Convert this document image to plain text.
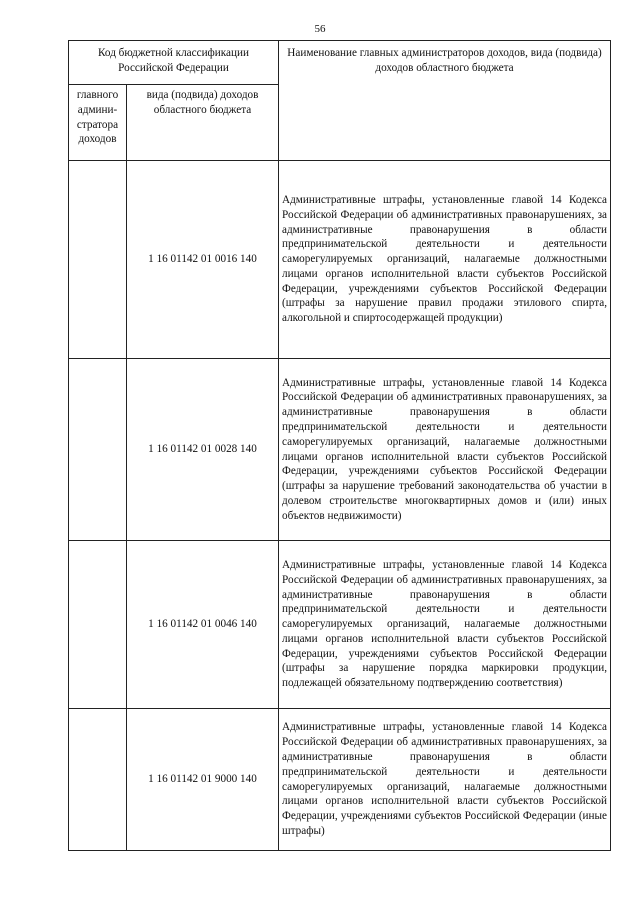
56
Код бюджетной классификации Российской Федерации		Наименование главных администраторов доходов, вида (подвида) доходов областного бюджета
главного админи-стратора доходов	вида (подвида) доходов областного бюджета	
	1 16 01142 01 0016 140	Административные штрафы, установленные главой 14 Кодекса Российской Федерации об административных правонарушениях, за административные правонарушения в области предпринимательской деятельности и деятельности саморегулируемых организаций, налагаемые должностными лицами органов исполнительной власти субъектов Российской Федерации, учреждениями субъектов Российской Федерации (штрафы за нарушение правил продажи этилового спирта, алкогольной и спиртосодержащей продукции)
	1 16 01142 01 0028 140	Административные штрафы, установленные главой 14 Кодекса Российской Федерации об административных правонарушениях, за административные правонарушения в области предпринимательской деятельности и деятельности саморегулируемых организаций, налагаемые должностными лицами органов исполнительной власти субъектов Российской Федерации, учреждениями субъектов Российской Федерации (штрафы за нарушение требований законодательства об участии в долевом строительстве многоквартирных домов и (или) иных объектов недвижимости)
	1 16 01142 01 0046 140	Административные штрафы, установленные главой 14 Кодекса Российской Федерации об административных правонарушениях, за административные правонарушения в области предпринимательской деятельности и деятельности саморегулируемых организаций, налагаемые должностными лицами органов исполнительной власти субъектов Российской Федерации, учреждениями субъектов Российской Федерации (штрафы за нарушение порядка маркировки продукции, подлежащей обязательному подтверждению соответствия)
	1 16 01142 01 9000 140	Административные штрафы, установленные главой 14 Кодекса Российской Федерации об административных правонарушениях, за административные правонарушения в области предпринимательской деятельности и деятельности саморегулируемых организаций, налагаемые должностными лицами органов исполнительной власти субъектов Российской Федерации, учреждениями субъектов Российской Федерации (иные штрафы)
